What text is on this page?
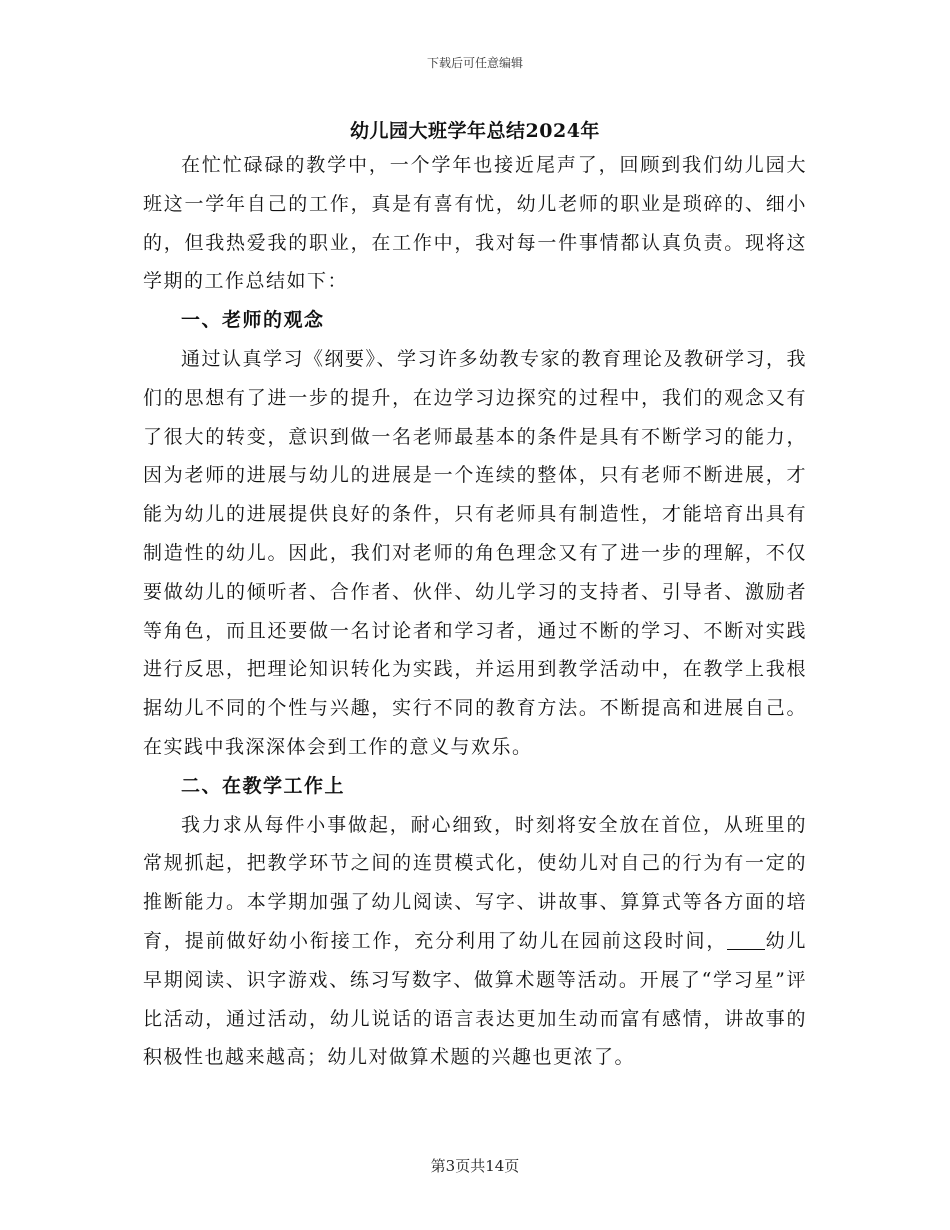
下载后可任意编辑
幼儿园大班学年总结2024年

在忙忙碌碌的教学中，一个学年也接近尾声了，回顾到我们幼儿园大班这一学年自己的工作，真是有喜有忧，幼儿老师的职业是琐碎的、细小的，但我热爱我的职业，在工作中，我对每一件事情都认真负责。现将这学期的工作总结如下：

一、老师的观念

通过认真学习《纲要》、学习许多幼教专家的教育理论及教研学习，我们的思想有了进一步的提升，在边学习边探究的过程中，我们的观念又有了很大的转变，意识到做一名老师最基本的条件是具有不断学习的能力，因为老师的进展与幼儿的进展是一个连续的整体，只有老师不断进展，才能为幼儿的进展提供良好的条件，只有老师具有制造性，才能培育出具有制造性的幼儿。因此，我们对老师的角色理念又有了进一步的理解，不仅要做幼儿的倾听者、合作者、伙伴、幼儿学习的支持者、引导者、激励者等角色，而且还要做一名讨论者和学习者，通过不断的学习、不断对实践进行反思，把理论知识转化为实践，并运用到教学活动中，在教学上我根据幼儿不同的个性与兴趣，实行不同的教育方法。不断提高和进展自己。在实践中我深深体会到工作的意义与欢乐。

二、在教学工作上

我力求从每件小事做起，耐心细致，时刻将安全放在首位，从班里的常规抓起，把教学环节之间的连贯模式化，使幼儿对自己的行为有一定的推断能力。本学期加强了幼儿阅读、写字、讲故事、算算式等各方面的培育，提前做好幼小衔接工作，充分利用了幼儿在园前这段时间， 幼儿早期阅读、识字游戏、练习写数字、做算术题等活动。开展了“学习星”评比活动，通过活动，幼儿说话的语言表达更加生动而富有感情，讲故事的积极性也越来越高；幼儿对做算术题的兴趣也更浓了。

第3页共14页
